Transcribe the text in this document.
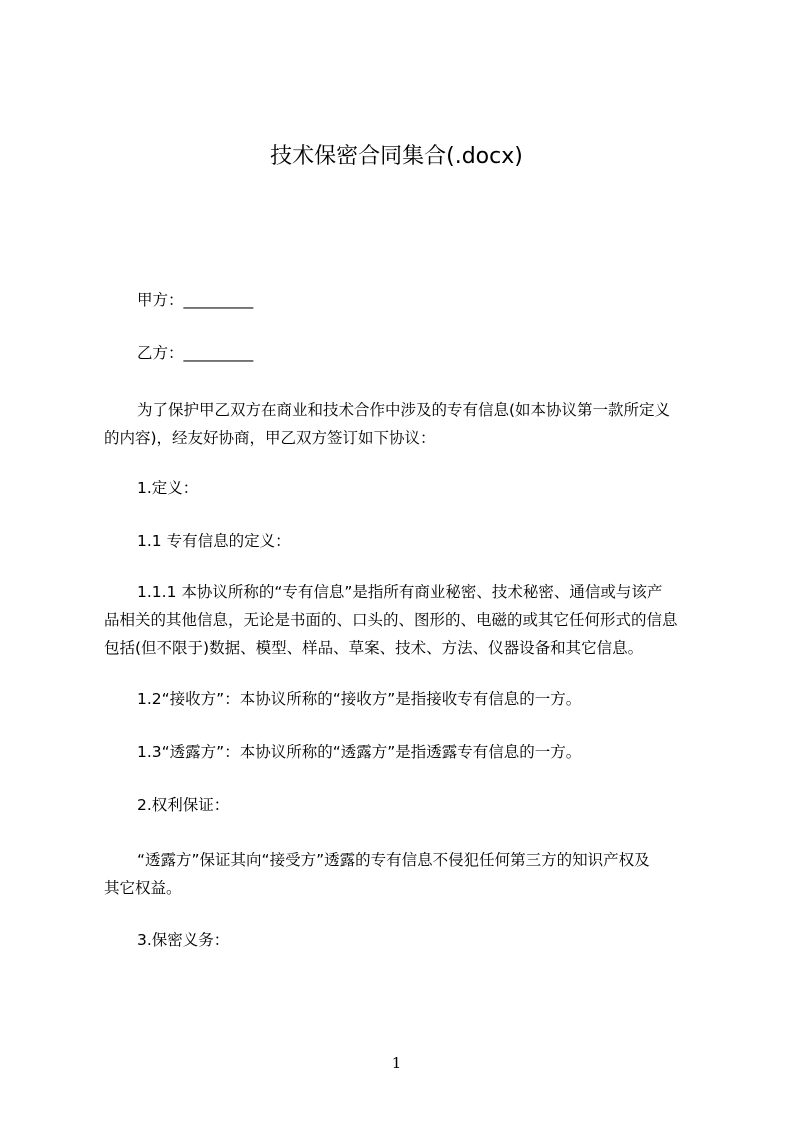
技术保密合同集合(.docx)
甲方：_________
乙方：_________
为了保护甲乙双方在商业和技术合作中涉及的专有信息(如本协议第一款所定义
的内容)，经友好协商，甲乙双方签订如下协议：
1.定义：
1.1 专有信息的定义：
1.1.1 本协议所称的“专有信息”是指所有商业秘密、技术秘密、通信或与该产
品相关的其他信息，无论是书面的、口头的、图形的、电磁的或其它任何形式的信息
包括(但不限于)数据、模型、样品、草案、技术、方法、仪器设备和其它信息。
1.2“接收方”：本协议所称的“接收方”是指接收专有信息的一方。
1.3“透露方”：本协议所称的“透露方”是指透露专有信息的一方。
2.权利保证：
“透露方”保证其向“接受方”透露的专有信息不侵犯任何第三方的知识产权及
其它权益。
3.保密义务：
1
